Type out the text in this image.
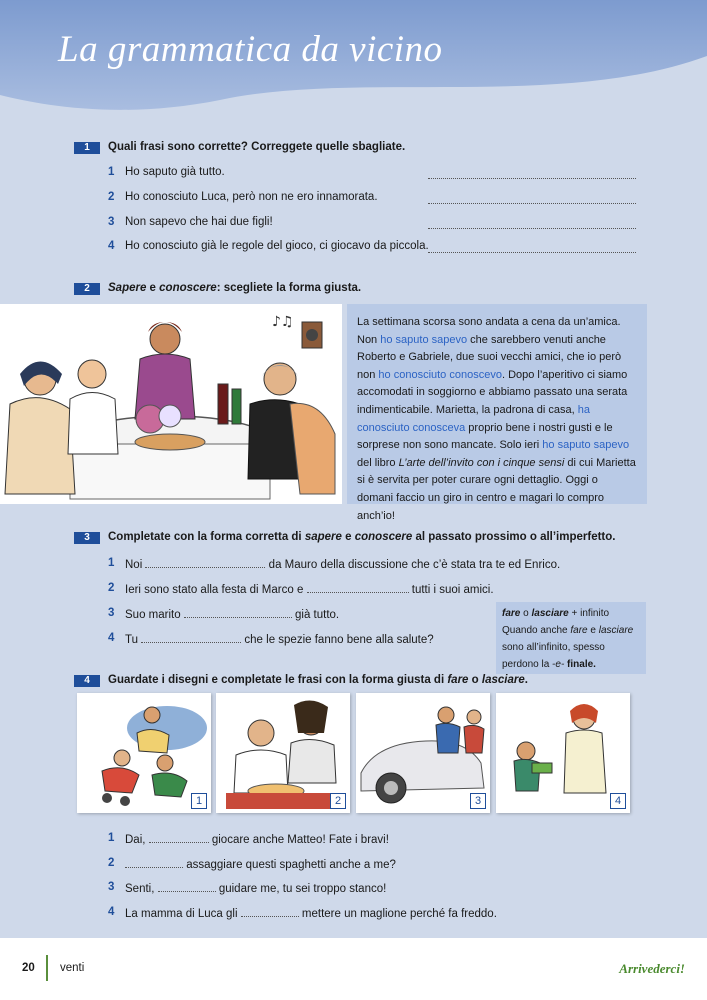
La grammatica da vicino
1	Quali frasi sono corrette? Correggete quelle sbagliate.
1 Ho saputo già tutto.
2 Ho conosciuto Luca, però non ne ero innamorata.
3 Non sapevo che hai due figli!
4 Ho conosciuto già le regole del gioco, ci giocavo da piccola.
2	Sapere e conoscere: scegliete la forma giusta.
♪♫	La settimana scorsa sono andata a cena da un’amica. Non ho saputo sapevo che sarebbero venuti anche Roberto e Gabriele, due suoi vecchi amici, che io però non ho conosciuto conoscevo. Dopo l’aperitivo ci siamo accomodati in soggiorno e abbiamo passato una serata indimenticabile. Marietta, la padrona di casa, ha conosciuto conosceva proprio bene i nostri gusti e le sorprese non sono mancate. Solo ieri ho saputo sapevo del libro L’arte dell’invito con i cinque sensi di cui Marietta si è servita per poter curare ogni dettaglio. Oggi o domani faccio un giro in centro e magari lo compro anch’io!

3	Completate con la forma corretta di sapere e conoscere al passato prossimo o all’imperfetto.
1 Noi	da Mauro della discussione che c’è stata tra te ed Enrico.
2 Ieri sono stato alla festa di Marco e	tutti i suoi amici.
3 Suo marito	già tutto.
4 Tu	che le spezie fanno bene alla salute?
fare o lasciare + infinito
Quando anche fare e lasciare sono all’infinito, spesso perdono la -e- finale.
4	Guardate i disegni e completate le frasi con la forma giusta di fare o lasciare.
1	2	3	4
1 Dai,	giocare anche Matteo! Fate i bravi!
2	assaggiare questi spaghetti anche a me?
3 Senti,	guidare me, tu sei troppo stanco!
4 La mamma di Luca gli	mettere un maglione perché fa freddo.
20 venti	Arrivederci!
